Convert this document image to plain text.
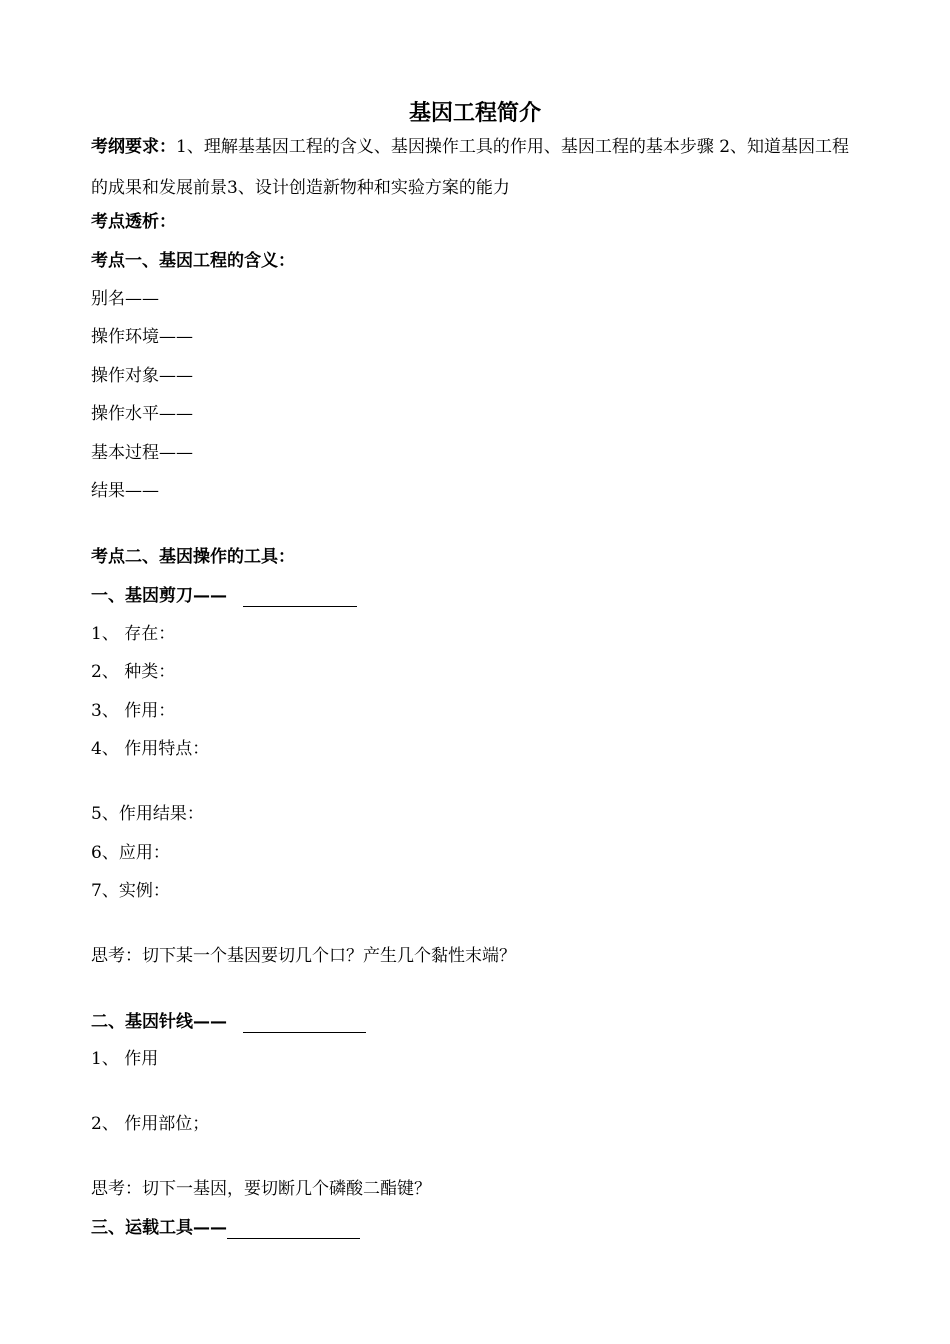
基因工程简介
考纲要求：1、理解基基因工程的含义、基因操作工具的作用、基因工程的基本步骤 2、知道基因工程的成果和发展前景3、设计创造新物种和实验方案的能力
考点透析：
考点一、基因工程的含义：
别名——
操作环境——
操作对象——
操作水平——
基本过程——
结果——
考点二、基因操作的工具：
一、基因剪刀——
1、 存在：
2、 种类：
3、 作用：
4、 作用特点：
5、作用结果：
6、应用：
7、实例：
思考：切下某一个基因要切几个口？产生几个黏性末端？
二、基因针线——
1、 作用
2、 作用部位；
思考：切下一基因，要切断几个磷酸二酯键？
三、运载工具——
